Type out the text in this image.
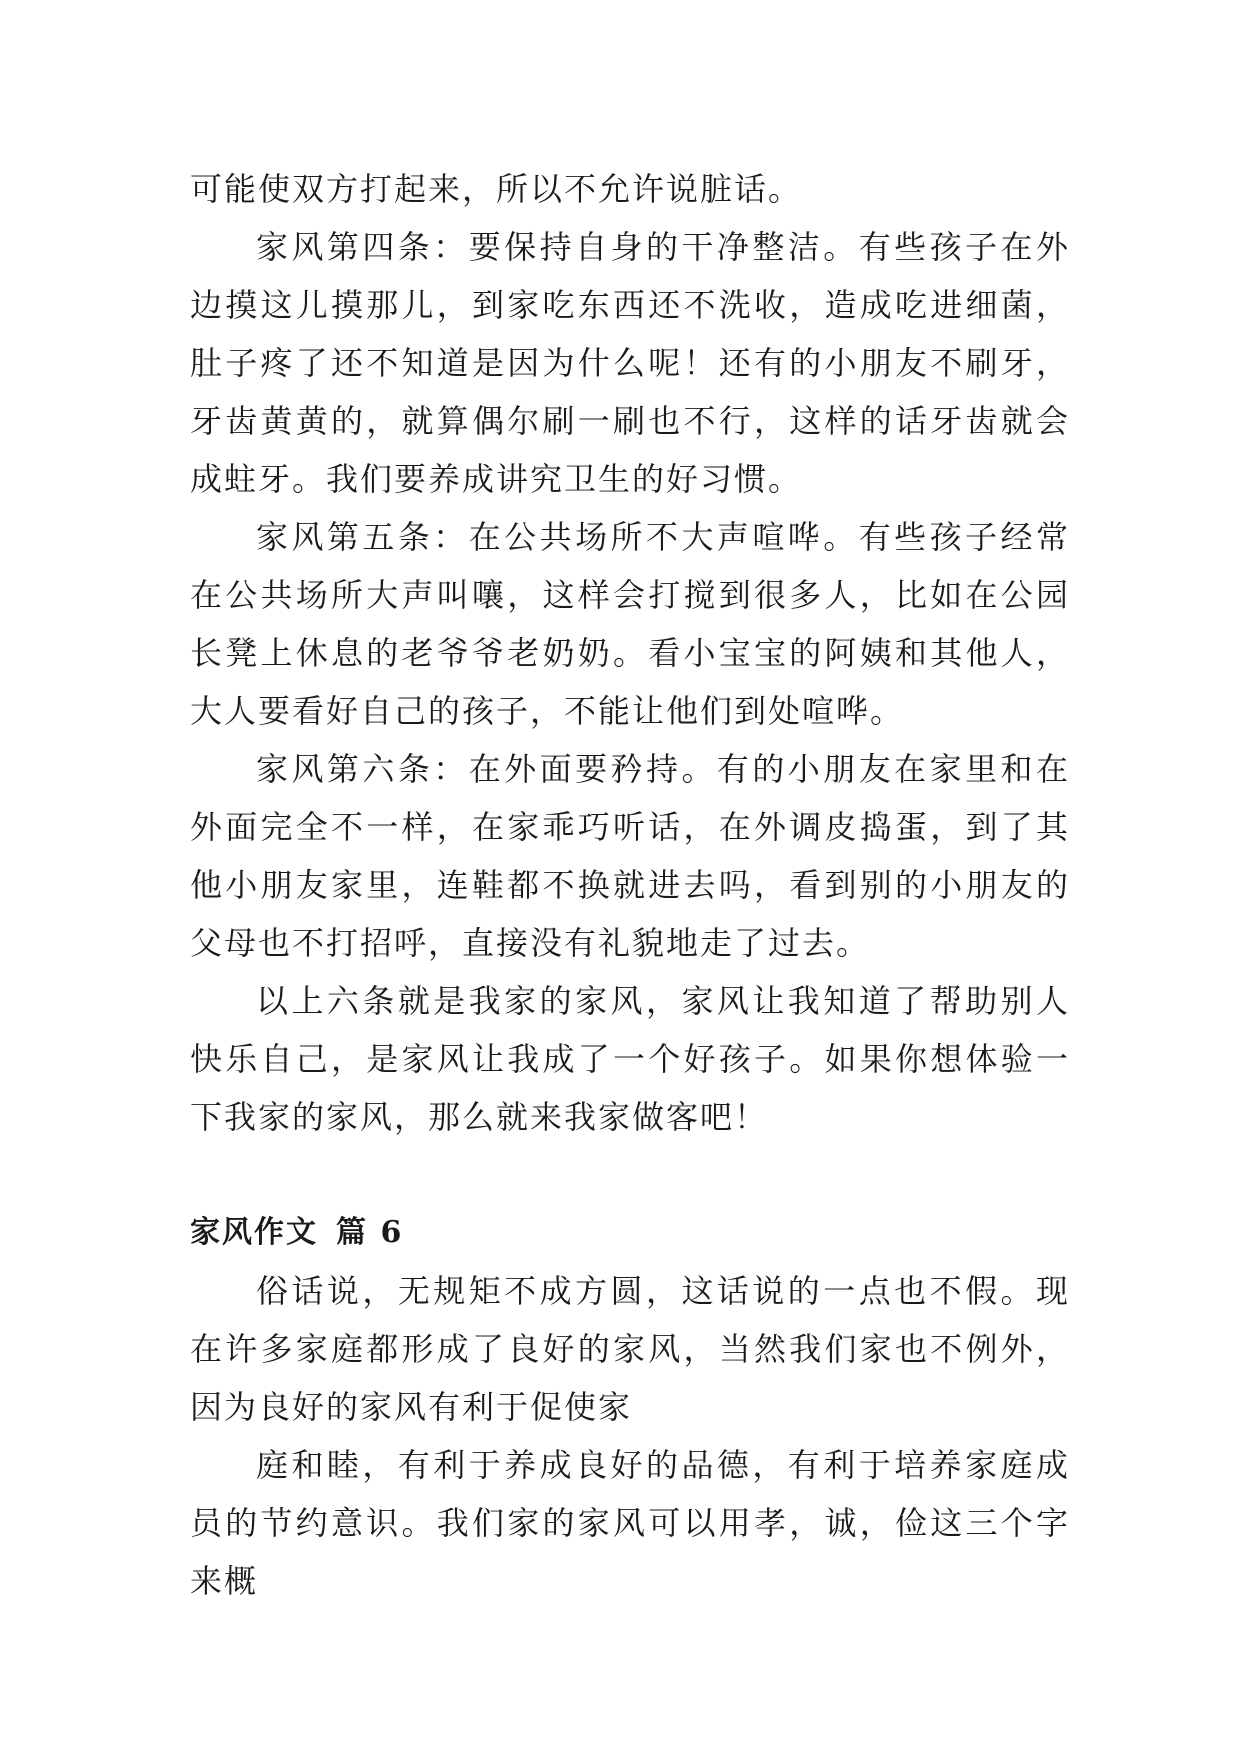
可能使双方打起来，所以不允许说脏话。

家风第四条：要保持自身的干净整洁。有些孩子在外边摸这儿摸那儿，到家吃东西还不洗收，造成吃进细菌，肚子疼了还不知道是因为什么呢！还有的小朋友不刷牙，牙齿黄黄的，就算偶尔刷一刷也不行，这样的话牙齿就会成蛀牙。我们要养成讲究卫生的好习惯。

家风第五条：在公共场所不大声喧哗。有些孩子经常在公共场所大声叫嚷，这样会打搅到很多人，比如在公园长凳上休息的老爷爷老奶奶。看小宝宝的阿姨和其他人，大人要看好自己的孩子，不能让他们到处喧哗。

家风第六条：在外面要矜持。有的小朋友在家里和在外面完全不一样，在家乖巧听话，在外调皮捣蛋，到了其他小朋友家里，连鞋都不换就进去吗，看到别的小朋友的父母也不打招呼，直接没有礼貌地走了过去。

以上六条就是我家的家风，家风让我知道了帮助别人快乐自己，是家风让我成了一个好孩子。如果你想体验一下我家的家风，那么就来我家做客吧！

家风作文 篇 6

俗话说，无规矩不成方圆，这话说的一点也不假。现在许多家庭都形成了良好的家风，当然我们家也不例外，因为良好的家风有利于促使家

庭和睦，有利于养成良好的品德，有利于培养家庭成员的节约意识。我们家的家风可以用孝，诚，俭这三个字来概
